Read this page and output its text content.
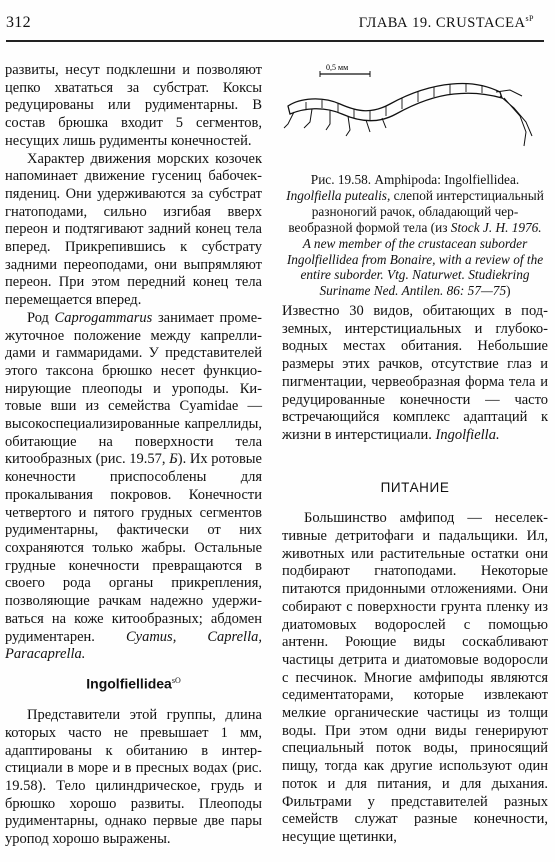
312	ГЛАВА 19. $CRUSTACEA^{sP}$

развиты, несут подклешни и позволяют цепко хвататься за субстрат. Коксы редуцированы или рудиментарны. В состав брюшка входит 5 сегментов, несущих лишь рудименты конечностей.

Характер движения морских козочек напоминает движение гусениц бабочек-пядениц. Они удерживаются за субстрат гнатоподами, сильно изгибая вверх переон и подтягивают задний конец тела вперед. Прикрепившись к субстрату задними переоподами, они выпрямляют переон. При этом передний конец тела перемещается вперед.

Род Caprogammarus занимает промежуточное положение между капреллидами и гаммаридами. У представителей этого таксона брюшко несет функционирующие плеоподы и уроподы. Китовые вши из семейства Cyamidae — высокоспециализированные капреллиды, обитающие на поверхности тела китообразных (рис. 19.57, Б). Их ротовые конечности приспособлены для прокалывания покровов. Конечности четвертого и пятого грудных сегментов рудиментарны, фактически от них сохраняются только жабры. Остальные грудные конечности превращаются в своего рода органы прикрепления, позволяющие рачкам надежно удерживаться на коже китообразных; абдомен рудиментарен. Cyamus, Caprella, Paracaprella.

Ingolfiellidea$^{sO}$

Представители этой группы, длина которых часто не превышает 1 мм, адаптированы к обитанию в интерстициали в море и в пресных водах (рис. 19.58). Тело цилиндрическое, грудь и брюшко хорошо развиты. Плеоподы рудиментарны, однако первые две пары уропод хорошо выражены.

0,5 мм
Рис. 19.58. Amphipoda: Ingolfiellidea.
Ingolfiella putealis, слепой интерстициальный разноногий рачок, обладающий червеобразной формой тела (из Stock J. H. 1976. A new member of the crustacean suborder Ingolfiellidea from Bonaire, with a review of the entire suborder. Vtg. Naturwet. Studiekring Suriname Ned. Antilen. 86: 57—75)

Известно 30 видов, обитающих в подземных, интерстициальных и глубоководных местах обитания. Небольшие размеры этих рачков, отсутствие глаз и пигментации, червеобразная форма тела и редуцированные конечности — часто встречающийся комплекс адаптаций к жизни в интерстициали. Ingolfiella.

ПИТАНИЕ

Большинство амфипод — неселективные детритофаги и падальщики. Ил, животных или растительные остатки они подбирают гнатоподами. Некоторые питаются придонными отложениями. Они собирают с поверхности грунта пленку из диатомовых водорослей с помощью антенн. Роющие виды соскабливают частицы детрита и диатомовые водоросли с песчинок. Многие амфиподы являются седиментаторами, которые извлекают мелкие органические частицы из толщи воды. При этом одни виды генерируют специальный поток воды, приносящий пищу, тогда как другие используют один поток и для питания, и для дыхания. Фильтрами у представителей разных семейств служат разные конечности, несущие щетинки,
